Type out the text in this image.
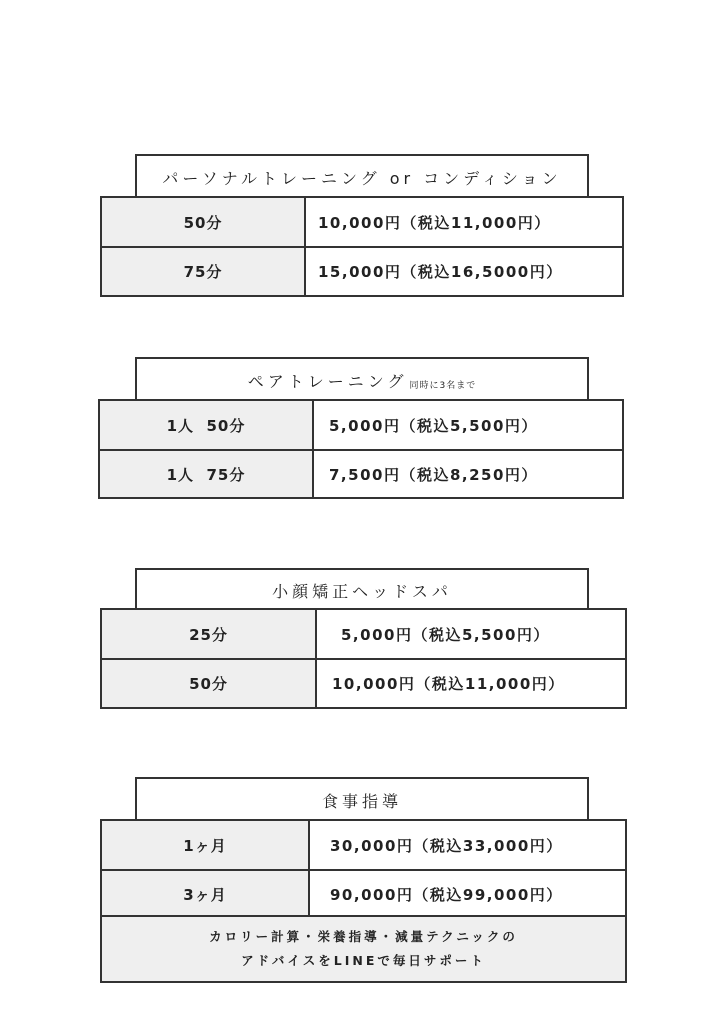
パーソナルトレーニング or コンディション
50分	10,000円（税込11,000円）
75分	15,000円（税込16,5000円）
ペアトレーニング 同時に3名まで
1人  50分	5,000円（税込5,500円）
1人  75分	7,500円（税込8,250円）
小顔矯正ヘッドスパ
25分	5,000円（税込5,500円）
50分	10,000円（税込11,000円）
食事指導
1ヶ月	30,000円（税込33,000円）
3ヶ月	90,000円（税込99,000円）
カロリー計算・栄養指導・減量テクニックの
アドバイスをLINEで毎日サポート
